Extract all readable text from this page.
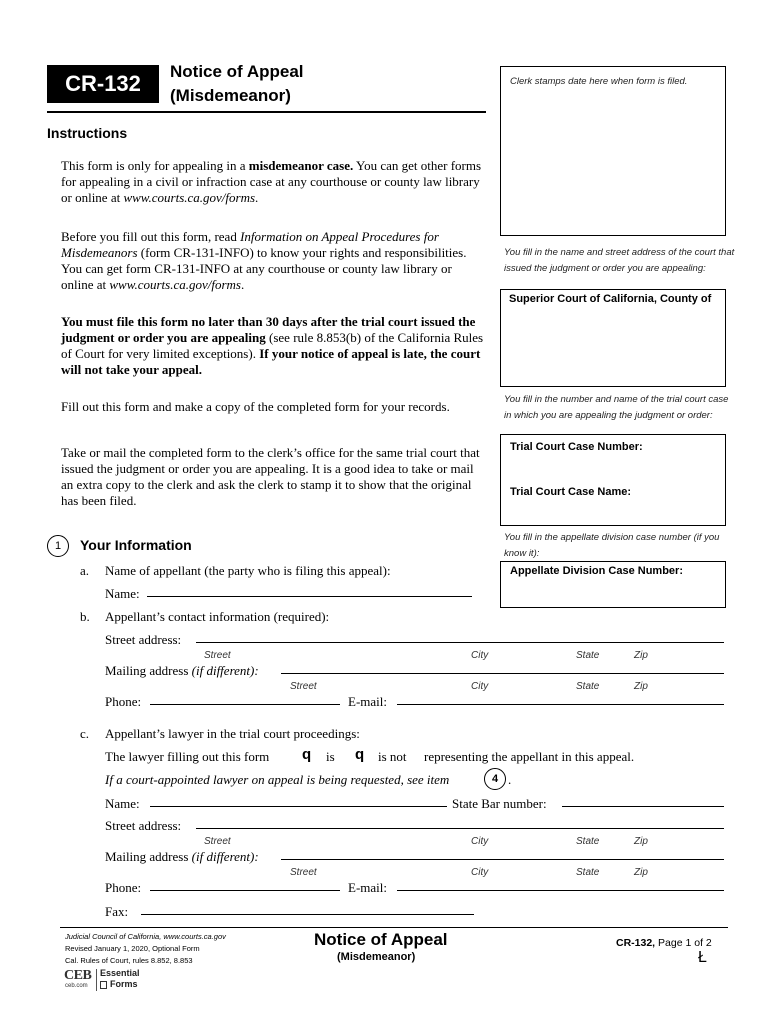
CR-132	Notice of Appeal
(Misdemeanor)
Clerk stamps date here when form is filed.
Instructions
This form is only for appealing in a misdemeanor case. You can get other forms for appealing in a civil or infraction case at any courthouse or county law library or online at www.courts.ca.gov/forms.
Before you fill out this form, read Information on Appeal Procedures for Misdemeanors (form CR-131-INFO) to know your rights and responsibilities. You can get form CR-131-INFO at any courthouse or county law library or online at www.courts.ca.gov/forms.
You must file this form no later than 30 days after the trial court issued the judgment or order you are appealing (see rule 8.853(b) of the California Rules of Court for very limited exceptions). If your notice of appeal is late, the court will not take your appeal.
Fill out this form and make a copy of the completed form for your records.
Take or mail the completed form to the clerk’s office for the same trial court that issued the judgment or order you are appealing. It is a good idea to take or mail an extra copy to the clerk and ask the clerk to stamp it to show that the original has been filed.
You fill in the name and street address of the court that issued the judgment or order you are appealing:
Superior Court of California, County of
You fill in the number and name of the trial court case in which you are appealing the judgment or order:
Trial Court Case Number:
Trial Court Case Name:
You fill in the appellate division case number (if you know it):
Appellate Division Case Number:
1	Your Information
a. Name of appellant (the party who is filing this appeal):
Name:
b. Appellant’s contact information (required):
Street address:
Street	City	State	Zip
Mailing address (if different):
Street	City	State	Zip
Phone:	E-mail:
c. Appellant’s lawyer in the trial court proceedings:
The lawyer filling out this form q is q is not representing the appellant in this appeal.
If a court-appointed lawyer on appeal is being requested, see item	4 .
Name:	State Bar number:
Street address:
Street	City	State	Zip
Mailing address (if different):
Street	City	State	Zip
Phone:	E-mail:
Fax:
Judicial Council of California, www.courts.ca.gov
Revised January 1, 2020, Optional Form
Cal. Rules of Court, rules 8.852, 8.853
Notice of Appeal
(Misdemeanor)
CR-132, Page 1 of 2
Ł
CEB
ceb.com
Essential
Forms
